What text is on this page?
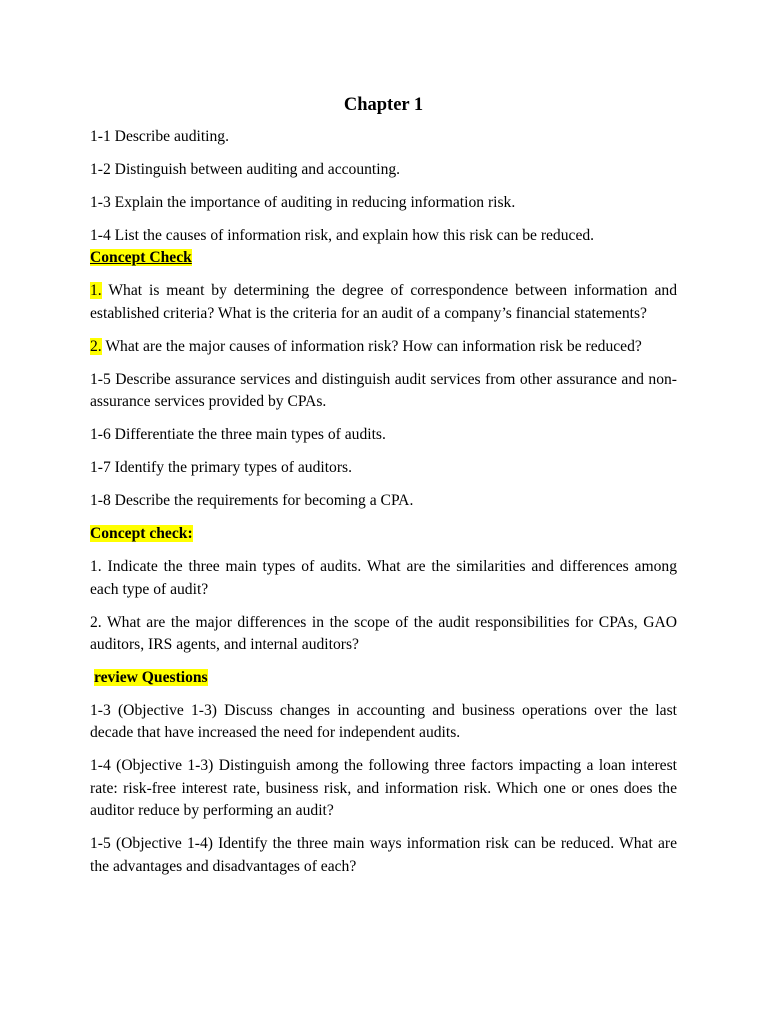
Chapter 1

1-1 Describe auditing.

1-2 Distinguish between auditing and accounting.

1-3 Explain the importance of auditing in reducing information risk.

1-4 List the causes of information risk, and explain how this risk can be reduced.
Concept Check

1. What is meant by determining the degree of correspondence between information and established criteria? What is the criteria for an audit of a company’s financial statements?

2. What are the major causes of information risk? How can information risk be reduced?

1-5 Describe assurance services and distinguish audit services from other assurance and non-assurance services provided by CPAs.

1-6 Differentiate the three main types of audits.

1-7 Identify the primary types of auditors.

1-8 Describe the requirements for becoming a CPA.

Concept check:

1. Indicate the three main types of audits. What are the similarities and differences among each type of audit?

2. What are the major differences in the scope of the audit responsibilities for CPAs, GAO auditors, IRS agents, and internal auditors?

review Questions

1-3 (Objective 1-3) Discuss changes in accounting and business operations over the last decade that have increased the need for independent audits.

1-4 (Objective 1-3) Distinguish among the following three factors impacting a loan interest rate: risk-free interest rate, business risk, and information risk. Which one or ones does the auditor reduce by performing an audit?

1-5 (Objective 1-4) Identify the three main ways information risk can be reduced. What are the advantages and disadvantages of each?
